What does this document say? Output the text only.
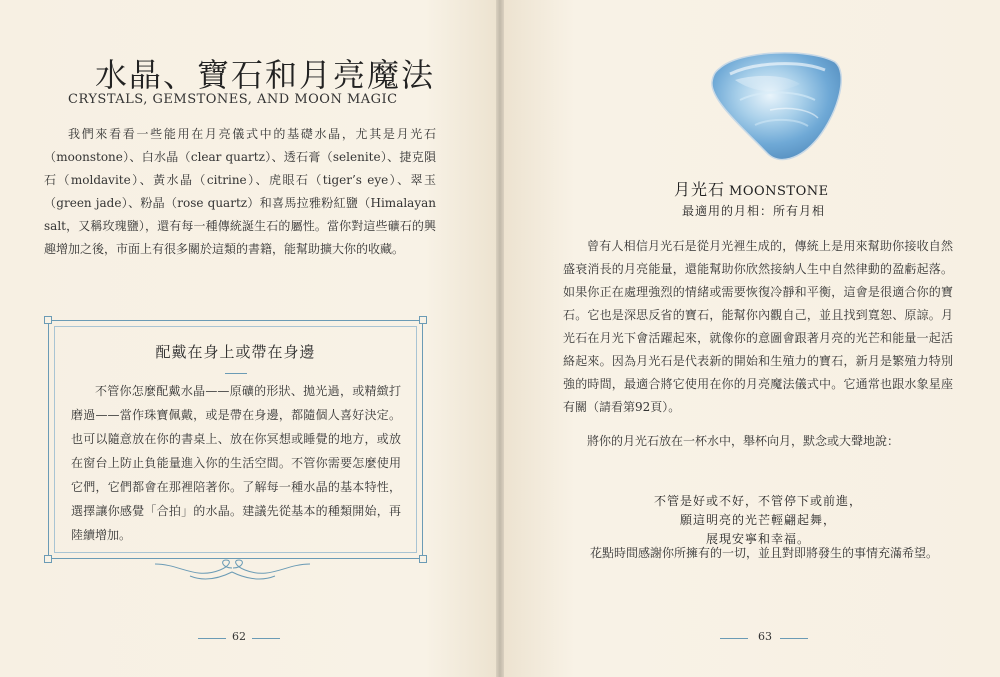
水晶、寶石和月亮魔法
CRYSTALS, GEMSTONES, AND MOON MAGIC
我們來看看一些能用在月亮儀式中的基礎水晶，尤其是月光石（moonstone）、白水晶（clear quartz）、透石膏（selenite）、捷克隕石（moldavite）、黃水晶（citrine）、虎眼石（tiger’s eye）、翠玉（green jade）、粉晶（rose quartz）和喜馬拉雅粉紅鹽（Himalayan salt，又稱玫瑰鹽），還有每一種傳統誕生石的屬性。當你對這些礦石的興趣增加之後，市面上有很多關於這類的書籍，能幫助擴大你的收藏。
配戴在身上或帶在身邊
不管你怎麼配戴水晶——原礦的形狀、拋光過，或精緻打磨過——當作珠寶佩戴，或是帶在身邊，都隨個人喜好決定。也可以隨意放在你的書桌上、放在你冥想或睡覺的地方，或放在窗台上防止負能量進入你的生活空間。不管你需要怎麼使用它們，它們都會在那裡陪著你。了解每一種水晶的基本特性，選擇讓你感覺「合拍」的水晶。建議先從基本的種類開始，再陸續增加。
62
月光石 MOONSTONE
最適用的月相：所有月相
曾有人相信月光石是從月光裡生成的，傳統上是用來幫助你接收自然盛衰消長的月亮能量，還能幫助你欣然接納人生中自然律動的盈虧起落。如果你正在處理強烈的情緒或需要恢復冷靜和平衡，這會是很適合你的寶石。它也是深思反省的寶石，能幫你內觀自己，並且找到寬恕、原諒。月光石在月光下會活躍起來，就像你的意圖會跟著月亮的光芒和能量一起活絡起來。因為月光石是代表新的開始和生殖力的寶石，新月是繁殖力特別強的時間，最適合將它使用在你的月亮魔法儀式中。它通常也跟水象星座有關（請看第92頁）。
將你的月光石放在一杯水中，舉杯向月，默念或大聲地說：
不管是好或不好，不管停下或前進，
願這明亮的光芒輕翩起舞，
展現安寧和幸福。
花點時間感謝你所擁有的一切，並且對即將發生的事情充滿希望。
63
